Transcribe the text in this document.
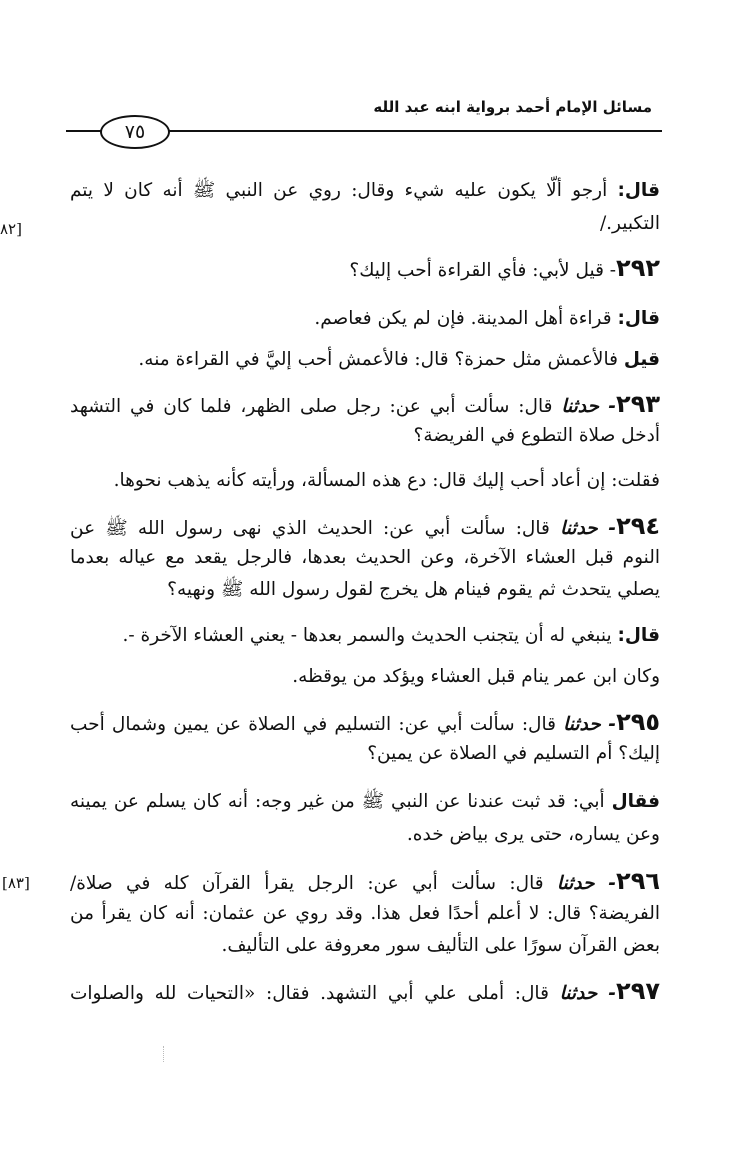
مسائل الإمام أحمد برواية ابنه عبد الله
٧٥
٨٢]
[٨٣]
قال: أرجو ألّا يكون عليه شيء وقال: روي عن النبي ﷺ أنه كان لا يتم
التكبير./
٢٩٢- قيل لأبي: فأي القراءة أحب إليك؟
قال: قراءة أهل المدينة. فإن لم يكن فعاصم.
قيل فالأعمش مثل حمزة؟ قال: فالأعمش أحب إليَّ في القراءة منه.
٢٩٣- حدثنا قال: سألت أبي عن: رجل صلى الظهر، فلما كان في التشهد
أدخل صلاة التطوع في الفريضة؟
فقلت: إن أعاد أحب إليك قال: دع هذه المسألة، ورأيته كأنه يذهب نحوها.
٢٩٤- حدثنا قال: سألت أبي عن: الحديث الذي نهى رسول الله ﷺ عن
النوم قبل العشاء الآخرة، وعن الحديث بعدها، فالرجل يقعد مع عياله بعدما
يصلي يتحدث ثم يقوم فينام هل يخرج لقول رسول الله ﷺ ونهيه؟
قال: ينبغي له أن يتجنب الحديث والسمر بعدها - يعني العشاء الآخرة -.
وكان ابن عمر ينام قبل العشاء ويؤكد من يوقظه.
٢٩٥- حدثنا قال: سألت أبي عن: التسليم في الصلاة عن يمين وشمال أحب
إليك؟ أم التسليم في الصلاة عن يمين؟
فقال أبي: قد ثبت عندنا عن النبي ﷺ من غير وجه: أنه كان يسلم عن يمينه
وعن يساره، حتى يرى بياض خده.
٢٩٦- حدثنا قال: سألت أبي عن: الرجل يقرأ القرآن كله في صلاة/
الفريضة؟ قال: لا أعلم أحدًا فعل هذا. وقد روي عن عثمان: أنه كان يقرأ من
بعض القرآن سورًا على التأليف سور معروفة على التأليف.
٢٩٧- حدثنا قال: أملى علي أبي التشهد. فقال: «التحيات لله والصلوات
